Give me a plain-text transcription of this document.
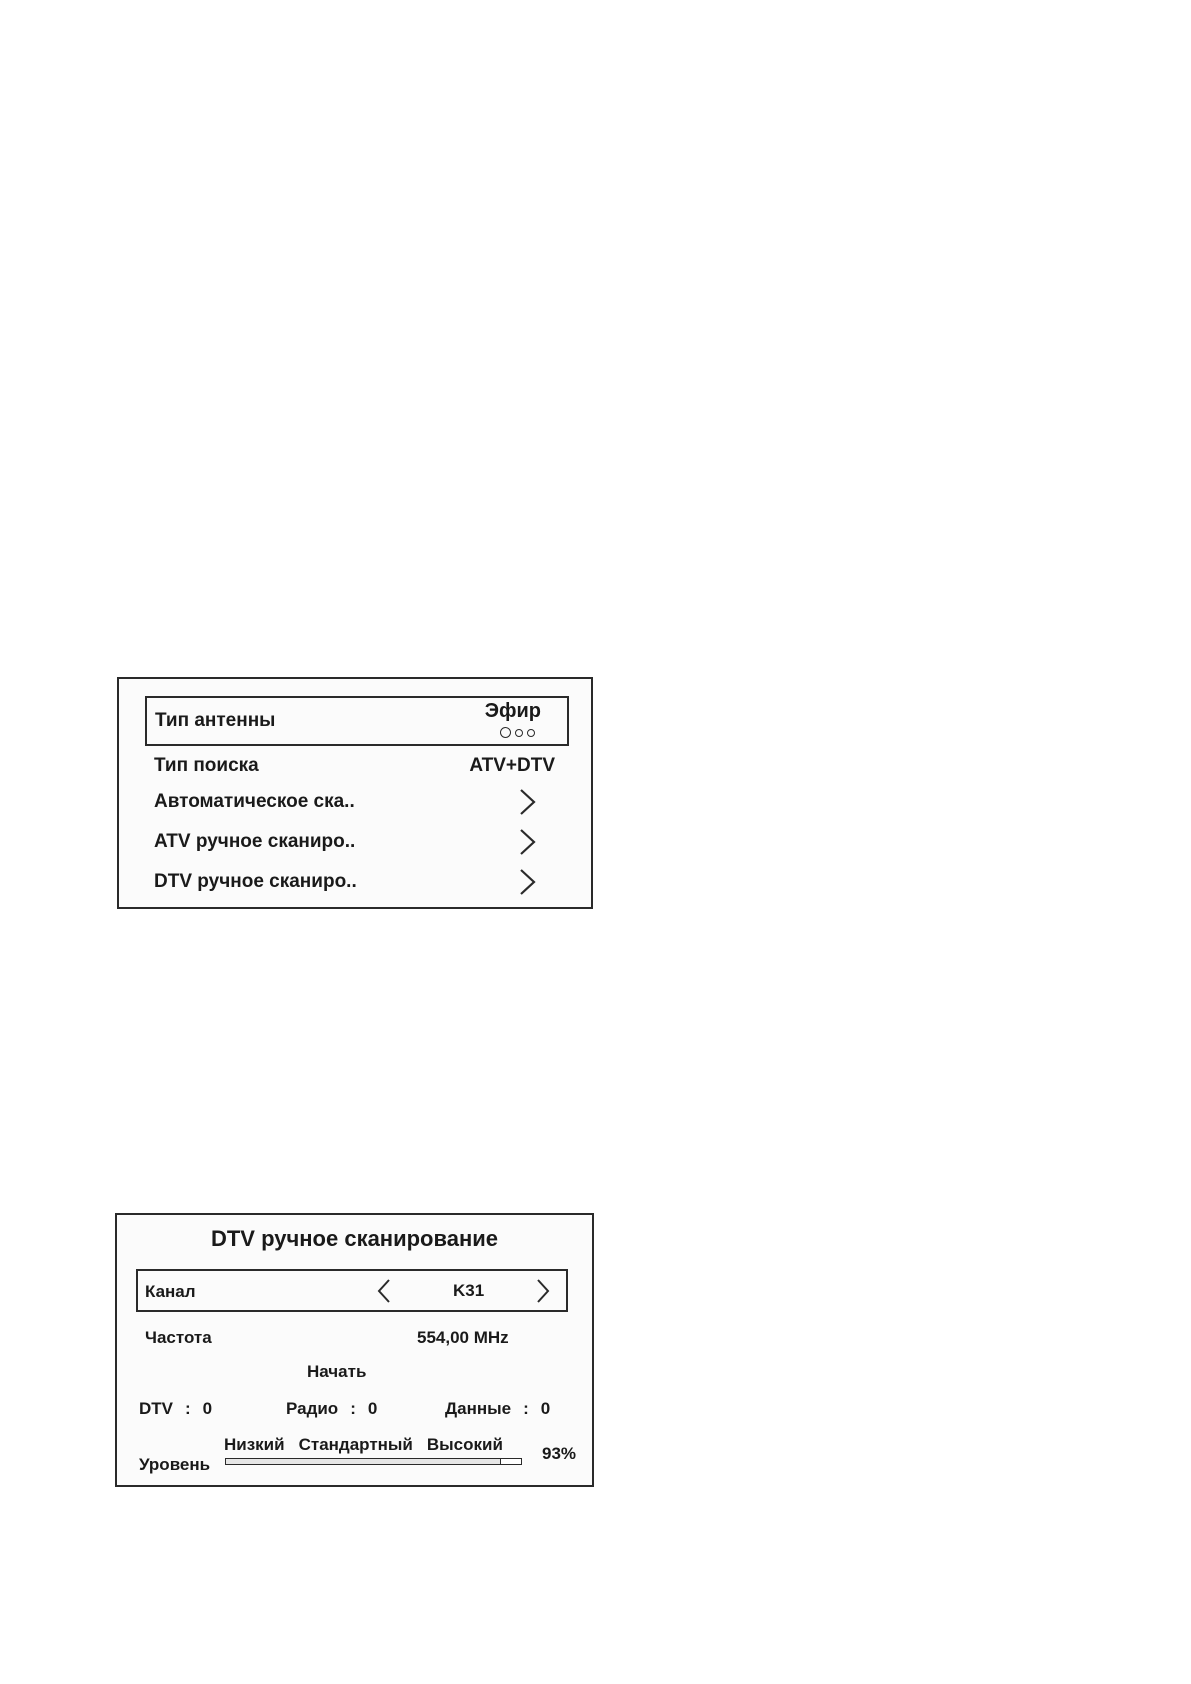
Тип антенны	Эфир
Тип поиска	ATV+DTV
Автоматическое ска..
ATV ручное сканиро..
DTV ручное сканиро..
DTV ручное сканирование
Канал	K31
Частота	554,00 MHz
Начать
DTV : 0	Радио : 0	Данные : 0
Низкий Стандартный Высокий
Уровень
93%
